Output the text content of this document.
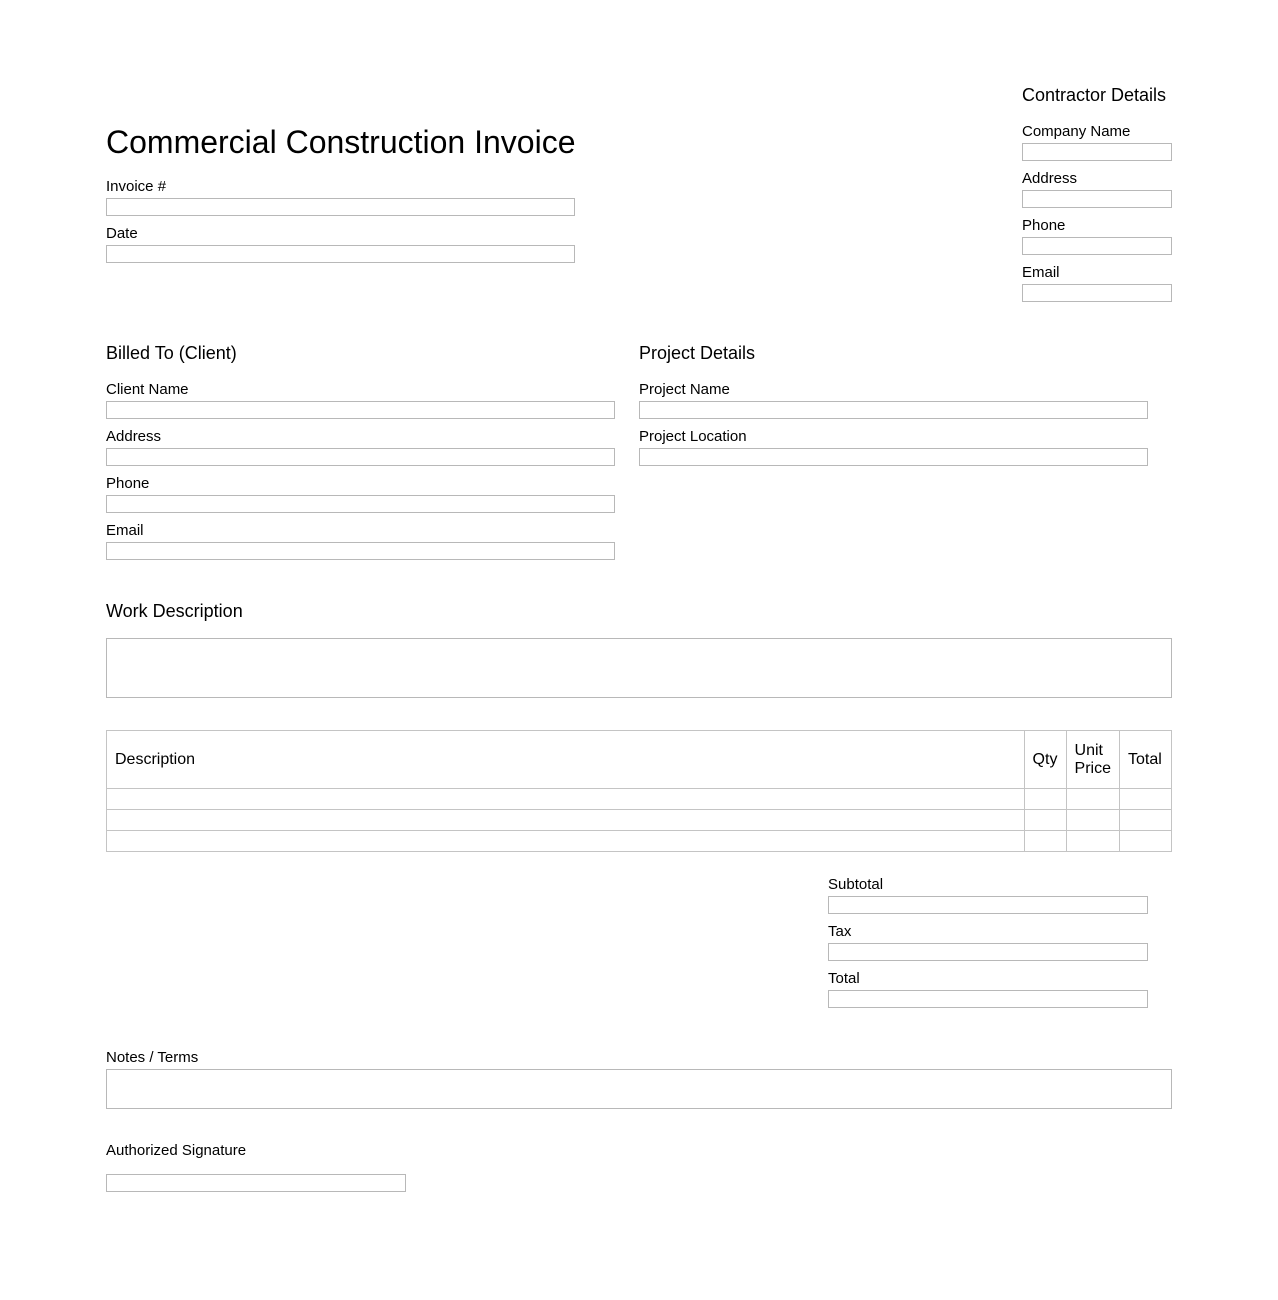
Commercial Construction Invoice
Invoice #
Date
Contractor Details
Company Name
Address
Phone
Email
Billed To (Client)
Client Name
Address
Phone
Email
Project Details
Project Name
Project Location
Work Description
Description	Qty	Unit Price	Total

Subtotal
Tax
Total
Notes / Terms
Authorized Signature
